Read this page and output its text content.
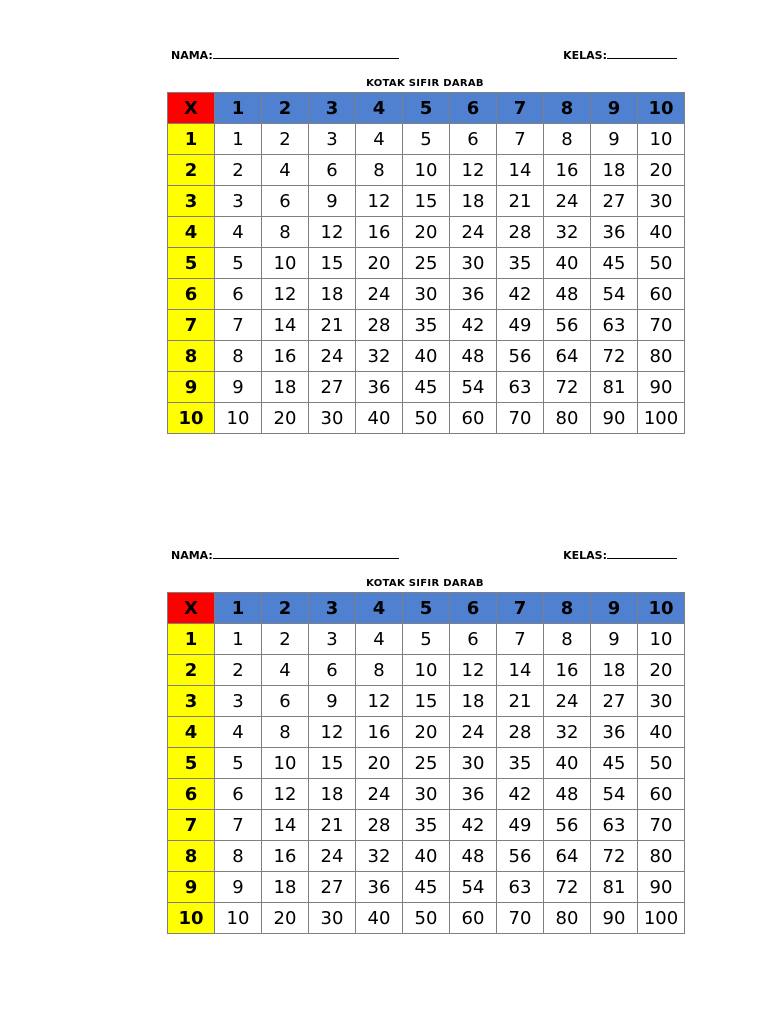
NAMA:	KELAS:
KOTAK SIFIR DARAB
X	1	2	3	4	5	6	7	8	9	10
1	1	2	3	4	5	6	7	8	9	10
2	2	4	6	8	10	12	14	16	18	20
3	3	6	9	12	15	18	21	24	27	30
4	4	8	12	16	20	24	28	32	36	40
5	5	10	15	20	25	30	35	40	45	50
6	6	12	18	24	30	36	42	48	54	60
7	7	14	21	28	35	42	49	56	63	70
8	8	16	24	32	40	48	56	64	72	80
9	9	18	27	36	45	54	63	72	81	90
10	10	20	30	40	50	60	70	80	90	100
NAMA:	KELAS:
KOTAK SIFIR DARAB
X	1	2	3	4	5	6	7	8	9	10
1	1	2	3	4	5	6	7	8	9	10
2	2	4	6	8	10	12	14	16	18	20
3	3	6	9	12	15	18	21	24	27	30
4	4	8	12	16	20	24	28	32	36	40
5	5	10	15	20	25	30	35	40	45	50
6	6	12	18	24	30	36	42	48	54	60
7	7	14	21	28	35	42	49	56	63	70
8	8	16	24	32	40	48	56	64	72	80
9	9	18	27	36	45	54	63	72	81	90
10	10	20	30	40	50	60	70	80	90	100
